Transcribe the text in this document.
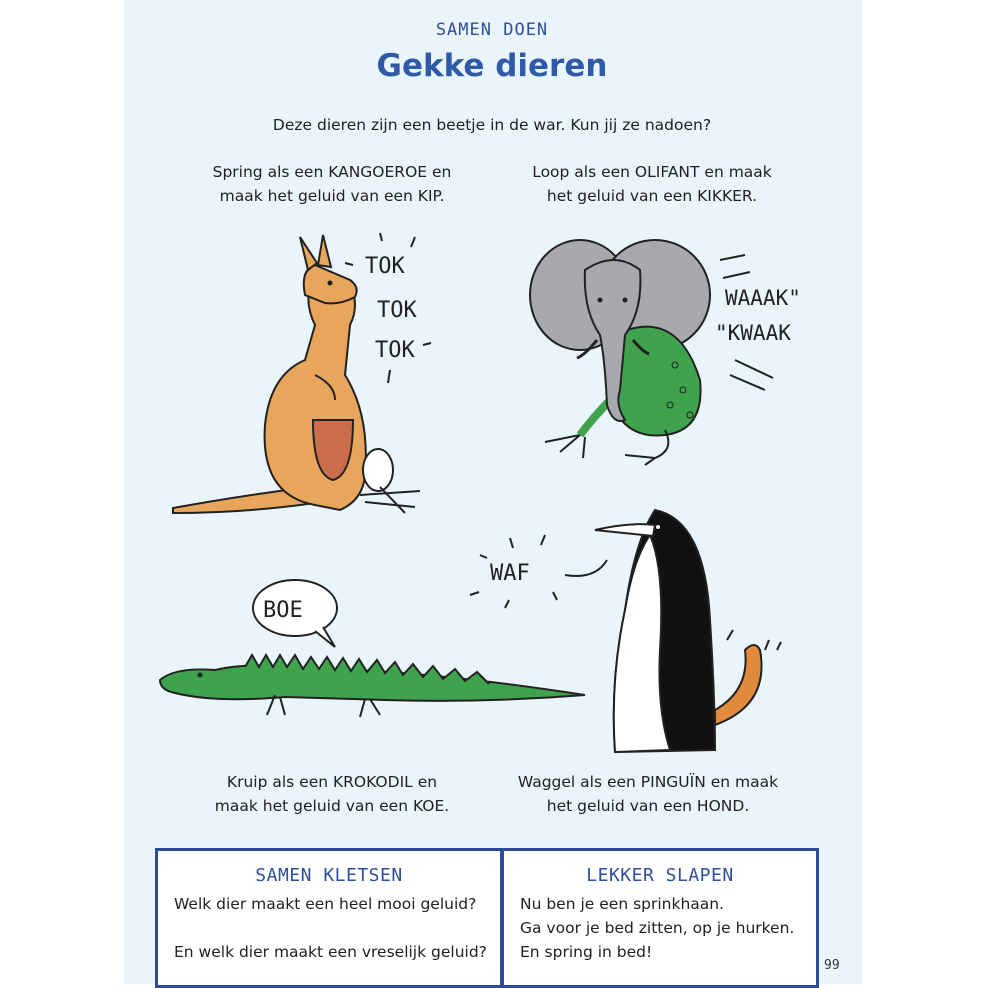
SAMEN DOEN
Gekke dieren
Deze dieren zijn een beetje in de war. Kun jij ze nadoen?
Spring als een KANGOEROE en
maak het geluid van een KIP.
Loop als een OLIFANT en maak
het geluid van een KIKKER.
TOK
TOK
TOK
WAAAK"
"KWAAK
BOE
WAF
Kruip als een KROKODIL en
maak het geluid van een KOE.
Waggel als een PINGUÏN en maak
het geluid van een HOND.
SAMEN KLETSEN
Welk dier maakt een heel mooi geluid?
En welk dier maakt een vreselijk geluid?
LEKKER SLAPEN
Nu ben je een sprinkhaan.
Ga voor je bed zitten, op je hurken.
En spring in bed!
99
